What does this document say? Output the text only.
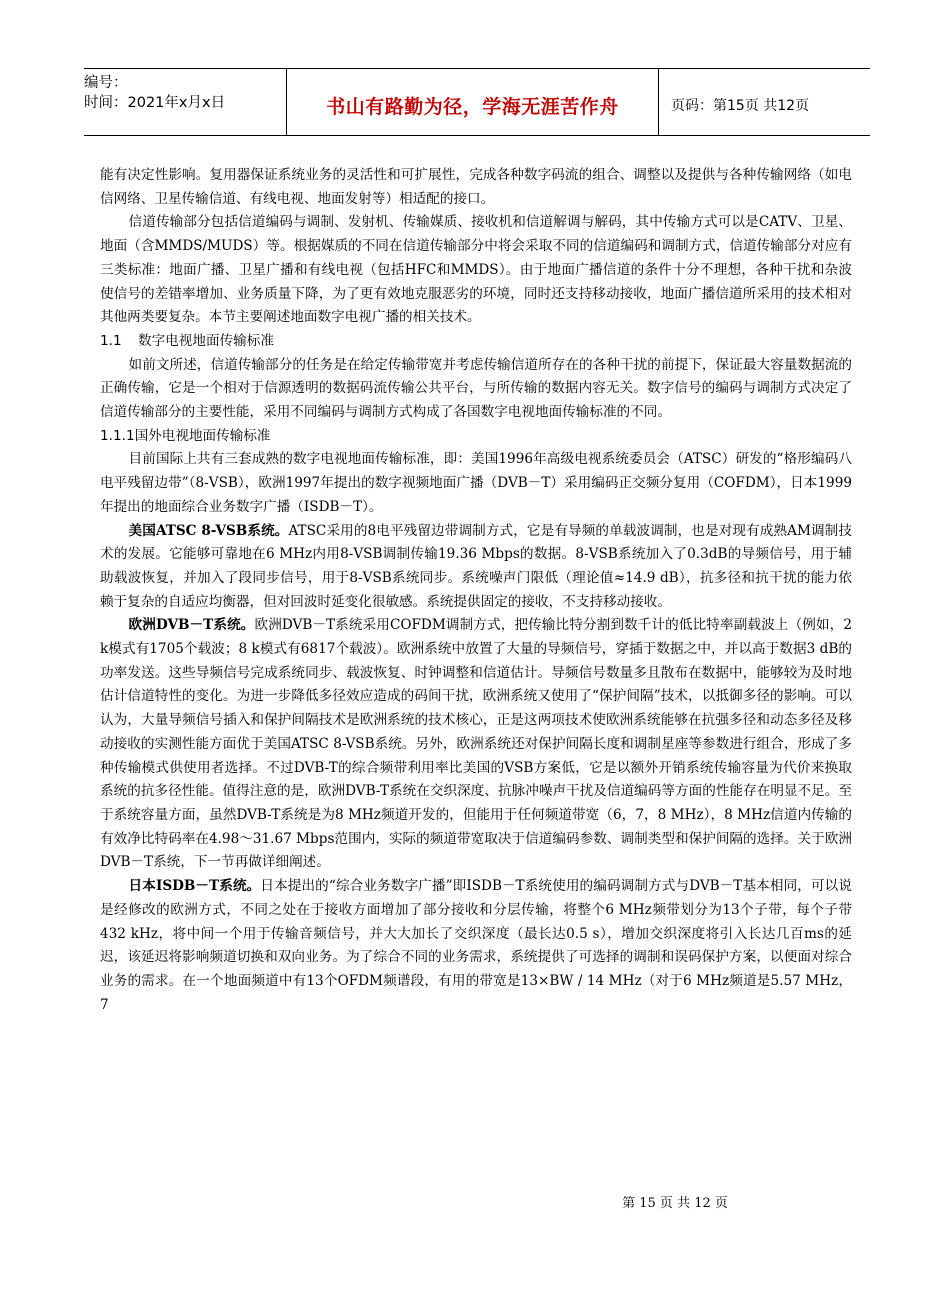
编号：
时间：2021年x月x日	书山有路勤为径，学海无涯苦作舟	页码：第15页 共12页

能有决定性影响。复用器保证系统业务的灵活性和可扩展性，完成各种数字码流的组合、调整以及提供与各种传输网络（如电信网络、卫星传输信道、有线电视、地面发射等）相适配的接口。

信道传输部分包括信道编码与调制、发射机、传输媒质、接收机和信道解调与解码，其中传输方式可以是CATV、卫星、地面（含MMDS/MUDS）等。根据媒质的不同在信道传输部分中将会采取不同的信道编码和调制方式，信道传输部分对应有三类标准：地面广播、卫星广播和有线电视（包括HFC和MMDS）。由于地面广播信道的条件十分不理想，各种干扰和杂波使信号的差错率增加、业务质量下降，为了更有效地克服恶劣的环境，同时还支持移动接收，地面广播信道所采用的技术相对其他两类要复杂。本节主要阐述地面数字电视广播的相关技术。

1.1 数字电视地面传输标准

如前文所述，信道传输部分的任务是在给定传输带宽并考虑传输信道所存在的各种干扰的前提下，保证最大容量数据流的正确传输，它是一个相对于信源透明的数据码流传输公共平台，与所传输的数据内容无关。数字信号的编码与调制方式决定了信道传输部分的主要性能，采用不同编码与调制方式构成了各国数字电视地面传输标准的不同。

1.1.1国外电视地面传输标准

目前国际上共有三套成熟的数字电视地面传输标准，即：美国1996年高级电视系统委员会（ATSC）研发的“格形编码八电平残留边带”（8-VSB），欧洲1997年提出的数字视频地面广播（DVB－T）采用编码正交频分复用（COFDM），日本1999年提出的地面综合业务数字广播（ISDB－T）。

美国ATSC 8-VSB系统。ATSC采用的8电平残留边带调制方式，它是有导频的单载波调制，也是对现有成熟AM调制技术的发展。它能够可靠地在6 MHz内用8-VSB调制传输19.36 Mbps的数据。8-VSB系统加入了0.3dB的导频信号，用于辅助载波恢复，并加入了段同步信号，用于8-VSB系统同步。系统噪声门限低（理论值≈14.9 dB），抗多径和抗干扰的能力依赖于复杂的自适应均衡器，但对回波时延变化很敏感。系统提供固定的接收，不支持移动接收。

欧洲DVB－T系统。欧洲DVB－T系统采用COFDM调制方式，把传输比特分割到数千计的低比特率副载波上（例如，2 k模式有1705个载波；8 k模式有6817个载波）。欧洲系统中放置了大量的导频信号，穿插于数据之中，并以高于数据3 dB的功率发送。这些导频信号完成系统同步、载波恢复、时钟调整和信道估计。导频信号数量多且散布在数据中，能够较为及时地估计信道特性的变化。为进一步降低多径效应造成的码间干扰，欧洲系统又使用了“保护间隔”技术，以抵御多径的影响。可以认为，大量导频信号插入和保护间隔技术是欧洲系统的技术核心，正是这两项技术使欧洲系统能够在抗强多径和动态多径及移动接收的实测性能方面优于美国ATSC 8-VSB系统。另外，欧洲系统还对保护间隔长度和调制星座等参数进行组合，形成了多种传输模式供使用者选择。不过DVB-T的综合频带利用率比美国的VSB方案低，它是以额外开销系统传输容量为代价来换取系统的抗多径性能。值得注意的是，欧洲DVB-T系统在交织深度、抗脉冲噪声干扰及信道编码等方面的性能存在明显不足。至于系统容量方面，虽然DVB-T系统是为8 MHz频道开发的，但能用于任何频道带宽（6，7，8 MHz），8 MHz信道内传输的有效净比特码率在4.98～31.67 Mbps范围内，实际的频道带宽取决于信道编码参数、调制类型和保护间隔的选择。关于欧洲DVB－T系统，下一节再做详细阐述。

日本ISDB－T系统。日本提出的“综合业务数字广播”即ISDB－T系统使用的编码调制方式与DVB－T基本相同，可以说是经修改的欧洲方式，不同之处在于接收方面增加了部分接收和分层传输，将整个6 MHz频带划分为13个子带，每个子带432 kHz，将中间一个用于传输音频信号，并大大加长了交织深度（最长达0.5 s），增加交织深度将引入长达几百ms的延迟，该延迟将影响频道切换和双向业务。为了综合不同的业务需求，系统提供了可选择的调制和误码保护方案，以便面对综合业务的需求。在一个地面频道中有13个OFDM频谱段，有用的带宽是13×BW / 14 MHz（对于6 MHz频道是5.57 MHz，7

第 15 页 共 12 页
